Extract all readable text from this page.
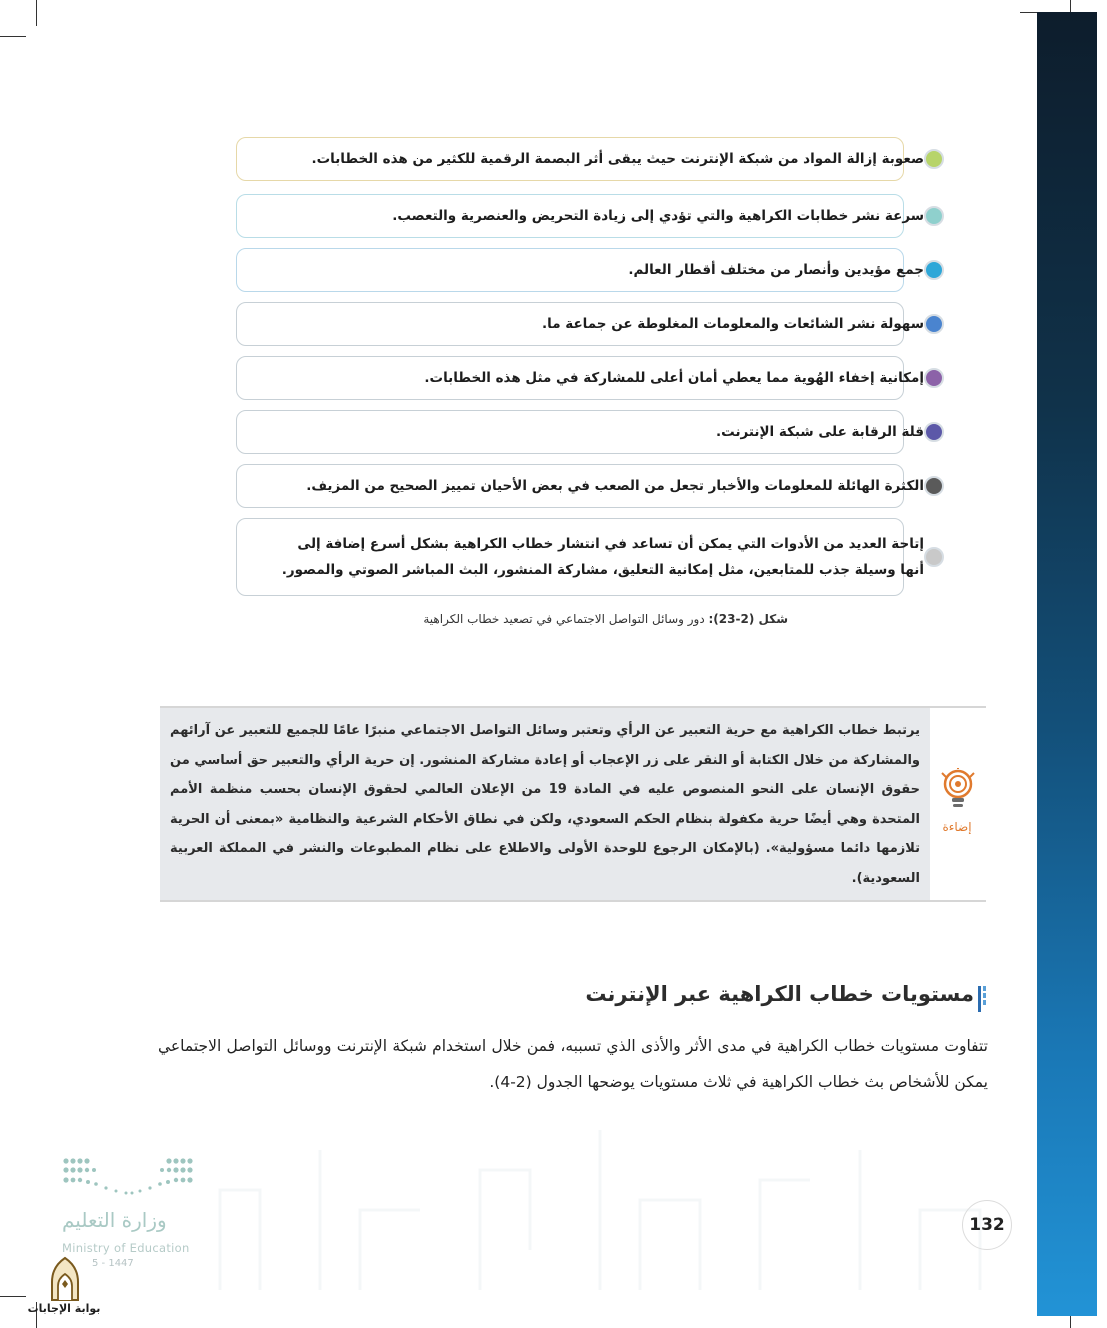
صعوبة إزالة المواد من شبكة الإنترنت حيث يبقى أثر البصمة الرقمية للكثير من هذه الخطابات.
سرعة نشر خطابات الكراهية والتي تؤدي إلى زيادة التحريض والعنصرية والتعصب.
جمع مؤيدين وأنصار من مختلف أقطار العالم.
سهولة نشر الشائعات والمعلومات المغلوطة عن جماعة ما.
إمكانية إخفاء الهُوية مما يعطي أمان أعلى للمشاركة في مثل هذه الخطابات.
قلة الرقابة على شبكة الإنترنت.
الكثرة الهائلة للمعلومات والأخبار تجعل من الصعب في بعض الأحيان تمييز الصحيح من المزيف.
إتاحة العديد من الأدوات التي يمكن أن تساعد في انتشار خطاب الكراهية بشكل أسرع إضافة إلى أنها وسيلة جذب للمتابعين، مثل إمكانية التعليق، مشاركة المنشور، البث المباشر الصوتي والمصور.
شكل (2-23): دور وسائل التواصل الاجتماعي في تصعيد خطاب الكراهية
يرتبط خطاب الكراهية مع حرية التعبير عن الرأي وتعتبر وسائل التواصل الاجتماعي منبرًا عامًا للجميع للتعبير عن آرائهم والمشاركة من خلال الكتابة أو النقر على زر الإعجاب أو إعادة مشاركة المنشور. إن حرية الرأي والتعبير حق أساسي من حقوق الإنسان على النحو المنصوص عليه في المادة 19 من الإعلان العالمي لحقوق الإنسان بحسب منظمة الأمم المتحدة وهي أيضًا حرية مكفولة بنظام الحكم السعودي، ولكن في نطاق الأحكام الشرعية والنظامية «بمعنى أن الحرية تلازمها دائما مسؤولية». (بالإمكان الرجوع للوحدة الأولى والاطلاع على نظام المطبوعات والنشر في المملكة العربية السعودية).
إضاءة
مستويات خطاب الكراهية عبر الإنترنت
تتفاوت مستويات خطاب الكراهية في مدى الأثر والأذى الذي تسببه، فمن خلال استخدام شبكة الإنترنت ووسائل التواصل الاجتماعي يمكن للأشخاص بث خطاب الكراهية في ثلاث مستويات يوضحها الجدول (2-4).
132
وزارة التعليم
Ministry of Education
5 - 1447
بوابة الإجابات
